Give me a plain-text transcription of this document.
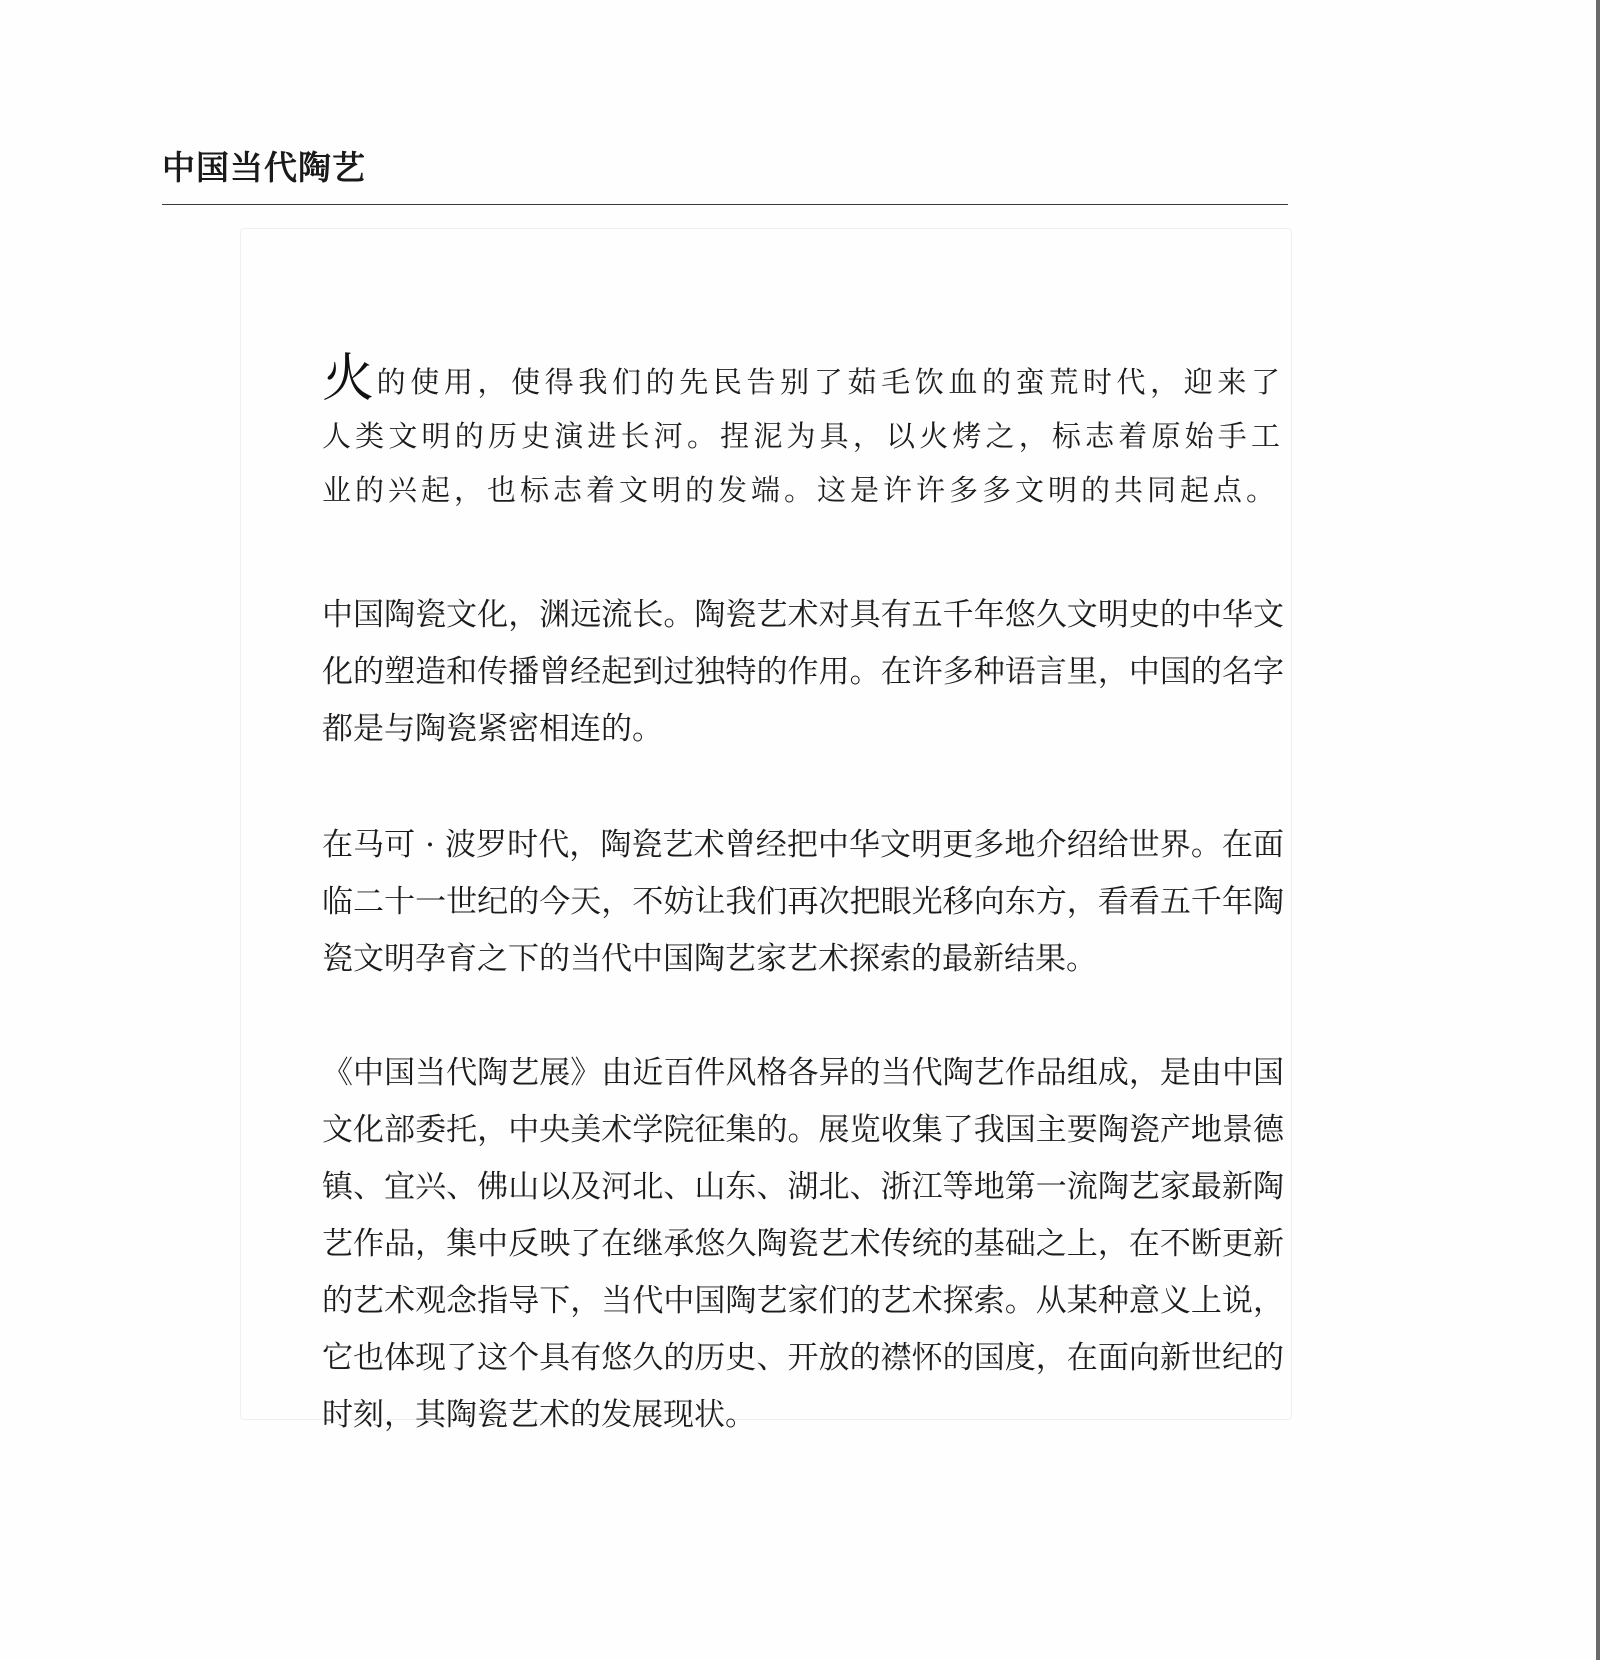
中国当代陶艺

火的使用，使得我们的先民告别了茹毛饮血的蛮荒时代，迎来了人类文明的历史演进长河。捏泥为具，以火烤之，标志着原始手工业的兴起，也标志着文明的发端。这是许许多多文明的共同起点。

中国陶瓷文化，渊远流长。陶瓷艺术对具有五千年悠久文明史的中华文化的塑造和传播曾经起到过独特的作用。在许多种语言里，中国的名字都是与陶瓷紧密相连的。

在马可 · 波罗时代，陶瓷艺术曾经把中华文明更多地介绍给世界。在面临二十一世纪的今天，不妨让我们再次把眼光移向东方，看看五千年陶瓷文明孕育之下的当代中国陶艺家艺术探索的最新结果。

《中国当代陶艺展》由近百件风格各异的当代陶艺作品组成，是由中国文化部委托，中央美术学院征集的。展览收集了我国主要陶瓷产地景德镇、宜兴、佛山以及河北、山东、湖北、浙江等地第一流陶艺家最新陶艺作品，集中反映了在继承悠久陶瓷艺术传统的基础之上，在不断更新的艺术观念指导下，当代中国陶艺家们的艺术探索。从某种意义上说，它也体现了这个具有悠久的历史、开放的襟怀的国度，在面向新世纪的时刻，其陶瓷艺术的发展现状。
